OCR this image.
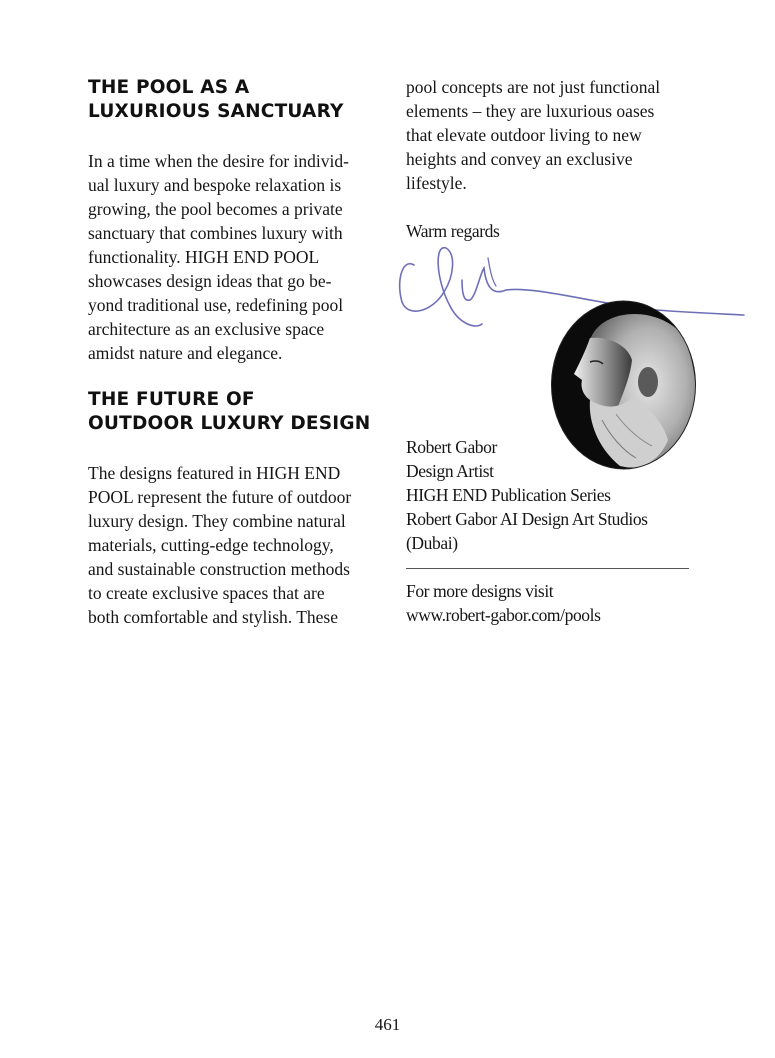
THE POOL AS A
LUXURIOUS SANCTUARY

In a time when the desire for individ-
ual luxury and bespoke relaxation is
growing, the pool becomes a private
sanctuary that combines luxury with
functionality. HIGH END POOL
showcases design ideas that go be-
yond traditional use, redefining pool
architecture as an exclusive space
amidst nature and elegance.

THE FUTURE OF
OUTDOOR LUXURY DESIGN

The designs featured in HIGH END
POOL represent the future of outdoor
luxury design. They combine natural
materials, cutting-edge technology,
and sustainable construction methods
to create exclusive spaces that are
both comfortable and stylish. These

pool concepts are not just functional
elements – they are luxurious oases
that elevate outdoor living to new
heights and convey an exclusive
lifestyle.

Warm regards

Robert Gabor

Design Artist

HIGH END Publication Series

Robert Gabor AI Design Art Studios

(Dubai)

For more designs visit
www.robert-gabor.com/pools

461
